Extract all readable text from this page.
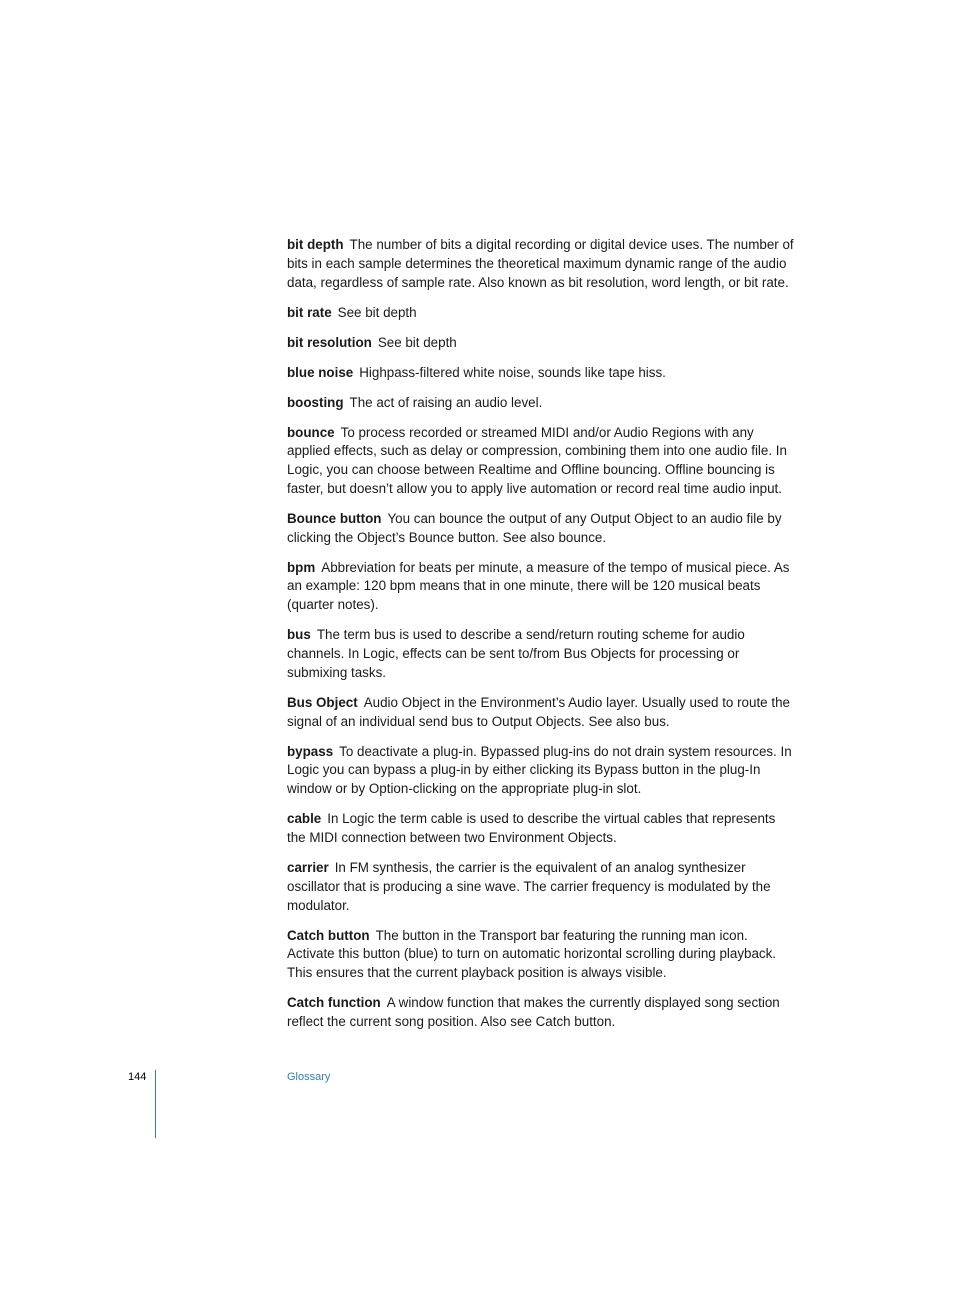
bit depth The number of bits a digital recording or digital device uses. The number of bits in each sample determines the theoretical maximum dynamic range of the audio data, regardless of sample rate. Also known as bit resolution, word length, or bit rate.

bit rate See bit depth

bit resolution See bit depth

blue noise Highpass-filtered white noise, sounds like tape hiss.

boosting The act of raising an audio level.

bounce To process recorded or streamed MIDI and/or Audio Regions with any applied effects, such as delay or compression, combining them into one audio file. In Logic, you can choose between Realtime and Offline bouncing. Offline bouncing is faster, but doesn’t allow you to apply live automation or record real time audio input.

Bounce button You can bounce the output of any Output Object to an audio file by clicking the Object’s Bounce button. See also bounce.

bpm Abbreviation for beats per minute, a measure of the tempo of musical piece. As an example: 120 bpm means that in one minute, there will be 120 musical beats (quarter notes).

bus The term bus is used to describe a send/return routing scheme for audio channels. In Logic, effects can be sent to/from Bus Objects for processing or submixing tasks.

Bus Object Audio Object in the Environment’s Audio layer. Usually used to route the signal of an individual send bus to Output Objects. See also bus.

bypass To deactivate a plug-in. Bypassed plug-ins do not drain system resources. In Logic you can bypass a plug-in by either clicking its Bypass button in the plug-In window or by Option-clicking on the appropriate plug-in slot.

cable In Logic the term cable is used to describe the virtual cables that represents the MIDI connection between two Environment Objects.

carrier In FM synthesis, the carrier is the equivalent of an analog synthesizer oscillator that is producing a sine wave. The carrier frequency is modulated by the modulator.

Catch button The button in the Transport bar featuring the running man icon. Activate this button (blue) to turn on automatic horizontal scrolling during playback. This ensures that the current playback position is always visible.

Catch function A window function that makes the currently displayed song section reflect the current song position. Also see Catch button.

144	Glossary
